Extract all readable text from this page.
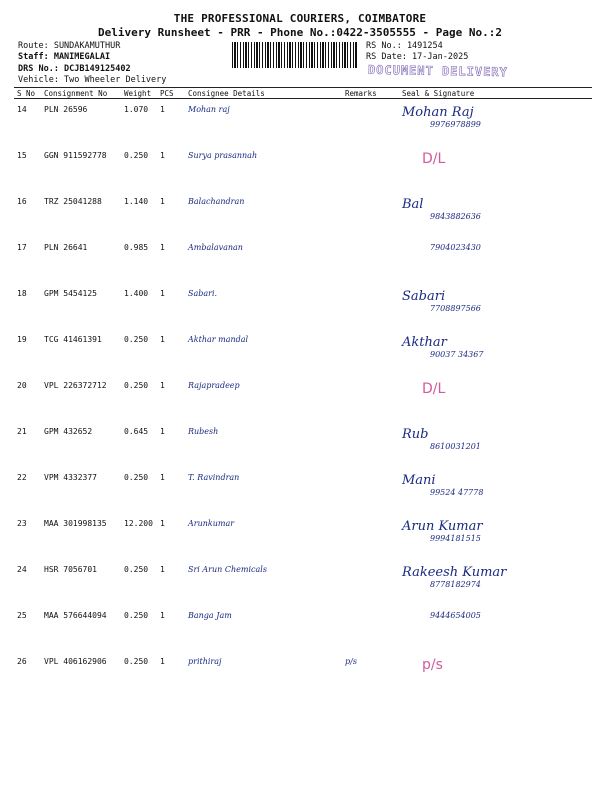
THE PROFESSIONAL COURIERS, COIMBATORE
Delivery Runsheet - PRR - Phone No.:0422-3505555 - Page No.:2
Route: SUNDAKAMUTHUR
Staff: MANIMEGALAI
DRS No.: DCJB149125402
Vehicle: Two Wheeler Delivery
RS No.: 1491254
RS Date: 17-Jan-2025
DOCUMENT DELIVERY
S No	Consignment No	Weight	PCS	Consignee Details	Remarks	Seal & Signature
14	PLN 26596	1.070	1	Mohan raj		Mohan Raj
9976978899

15	GGN 911592778	0.250	1	Surya prasannah		D/L
16	TRZ 25041288	1.140	1	Balachandran		Bal
9843882636

17	PLN 26641	0.985	1	Ambalavanan		7904023430

18	GPM 5454125	1.400	1	Sabari.		Sabari
7708897566

19	TCG 41461391	0.250	1	Akthar mandal		Akthar
90037 34367

20	VPL 226372712	0.250	1	Rajapradeep		D/L
21	GPM 432652	0.645	1	Rubesh		Rub
8610031201

22	VPM 4332377	0.250	1	T. Ravindran		Mani
99524 47778

23	MAA 301998135	12.200	1	Arunkumar		Arun Kumar
9994181515

24	HSR 7056701	0.250	1	Sri Arun Chemicals		Rakeesh Kumar
8778182974

25	MAA 576644094	0.250	1	Banga Jam		9444654005

26	VPL 406162906	0.250	1	prithiraj	p/s	p/s
